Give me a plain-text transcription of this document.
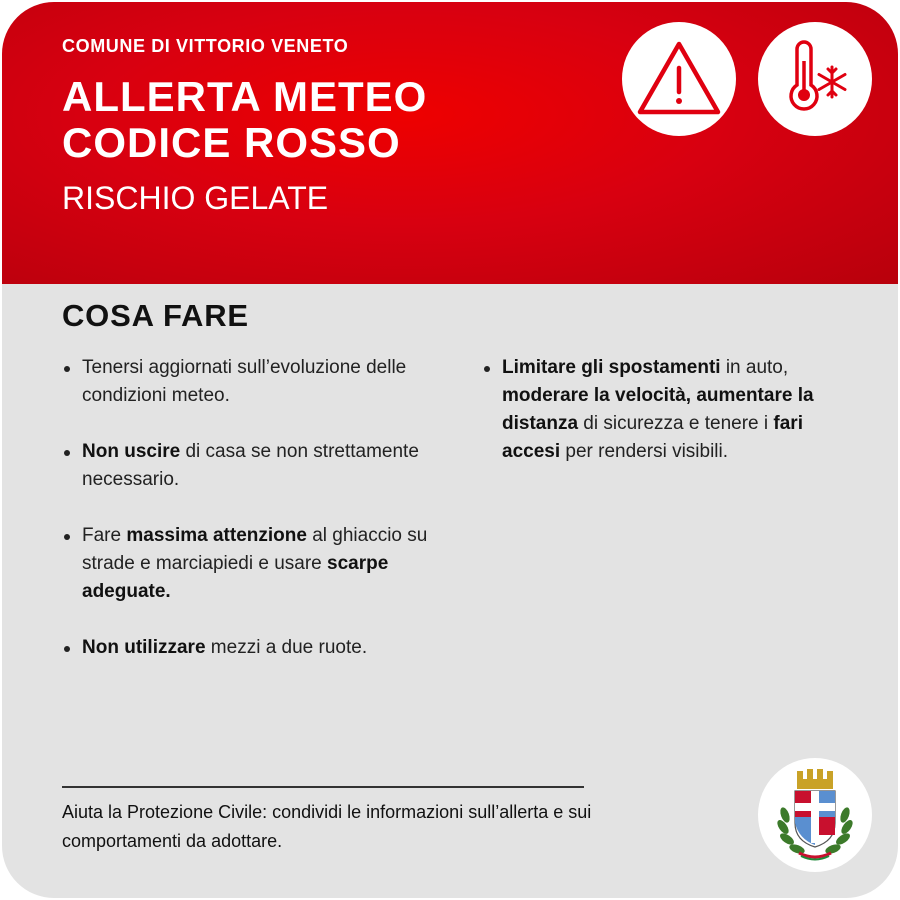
COMUNE DI VITTORIO VENETO
ALLERTA METEO
CODICE ROSSO
RISCHIO GELATE
COSA FARE
Tenersi aggiornati sull’evoluzione delle condizioni meteo.
Non uscire di casa se non strettamente necessario.
Fare massima attenzione al ghiaccio su strade e marciapiedi e usare scarpe adeguate.
Non utilizzare mezzi a due ruote.
Limitare gli spostamenti in auto, moderare la velocità, aumentare la distanza di sicurezza e tenere i fari accesi per rendersi visibili.
Aiuta la Protezione Civile: condividi le informazioni sull’allerta e sui comportamenti da adottare.
